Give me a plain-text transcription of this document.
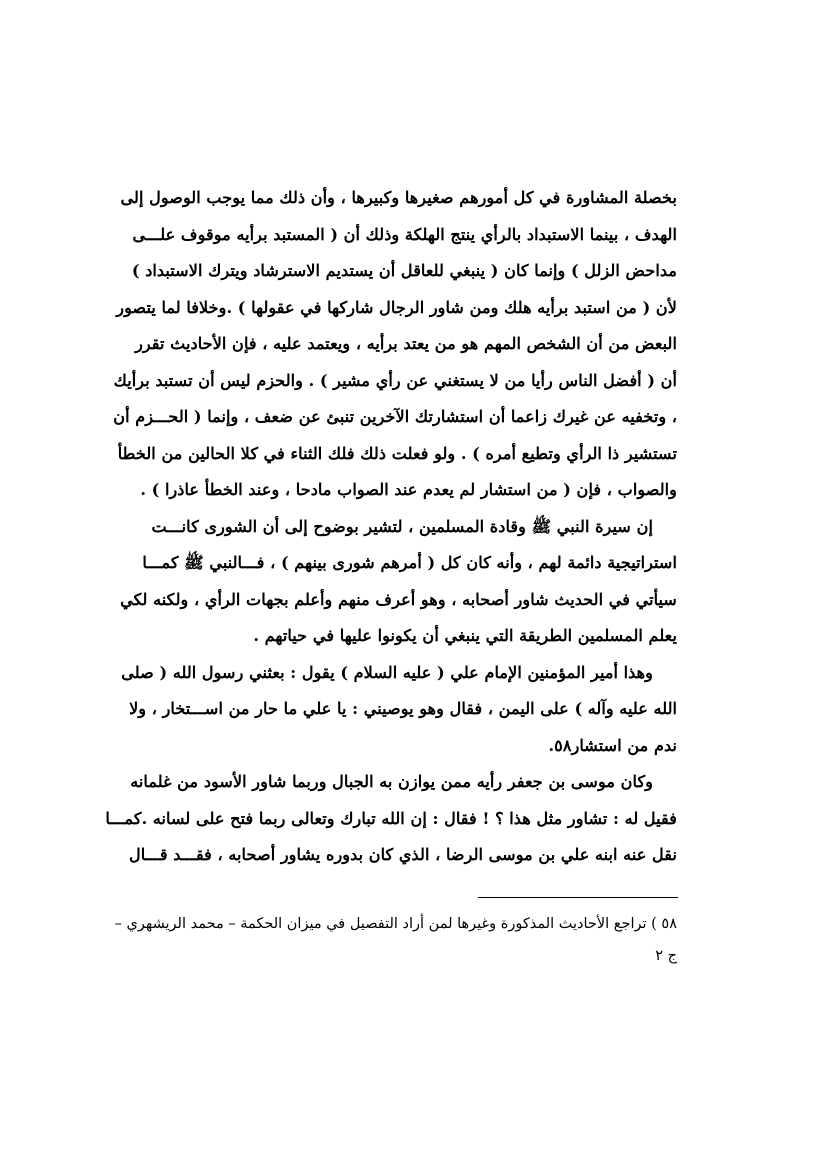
بخصلة المشاورة في كل أمورهم صغيرها وكبيرها ، وأن ذلك مما يوجب الوصول إلى
الهدف ، بينما الاستبداد بالرأي ينتج الهلكة وذلك أن ( المستبد برأيه موقوف علـــى
مداحض الزلل ) وإنما كان ( ينبغي للعاقل أن يستديم الاسترشاد ويترك الاستبداد )
لأن ( من استبد برأيه هلك ومن شاور الرجال شاركها في عقولها ) .وخلافا لما يتصور
البعض من أن الشخص المهم هو من يعتد برأيه ، ويعتمد عليه ، فإن الأحاديث تقرر
أن ( أفضل الناس رأيا من لا يستغني عن رأي مشير ) . والحزم ليس أن تستبد برأيك
، وتخفيه عن غيرك زاعما أن استشارتك الآخرين تنبئ عن ضعف ، وإنما ( الحـــزم أن
تستشير ذا الرأي وتطيع أمره ) . ولو فعلت ذلك فلك الثناء في كلا الحالين من الخطأ
والصواب ، فإن ( من استشار لم يعدم عند الصواب مادحا ، وعند الخطأ عاذرا ) .
إن سيرة النبي ﷺ وقادة المسلمين ، لتشير بوضوح إلى أن الشورى كانـــت
استراتيجية دائمة لهم ، وأنه كان كل ( أمرهم شورى بينهم ) ، فـــالنبي ﷺ كمـــا
سيأتي في الحديث شاور أصحابه ، وهو أعرف منهم وأعلم بجهات الرأي ، ولكنه لكي
يعلم المسلمين الطريقة التي ينبغي أن يكونوا عليها في حياتهم .
وهذا أمير المؤمنين الإمام علي ( عليه السلام ) يقول : بعثني رسول الله ( صلى
الله عليه وآله ) على اليمن ، فقال وهو يوصيني : يا علي ما حار من اســـتخار ، ولا
ندم من استشار٥٨.
وكان موسى بن جعفر رأيه ممن يوازن به الجبال وربما شاور الأسود من غلمانه
فقيل له : تشاور مثل هذا ؟ ! فقال : إن الله تبارك وتعالى ربما فتح على لسانه .كمـــا
نقل عنه ابنه علي بن موسى الرضا ، الذي كان بدوره يشاور أصحابه ، فقـــد قـــال
٥٨ ) تراجع الأحاديث المذكورة وغيرها لمن أراد التفصيل في ميزان الحكمة – محمد الريشهري –
ج ٢
